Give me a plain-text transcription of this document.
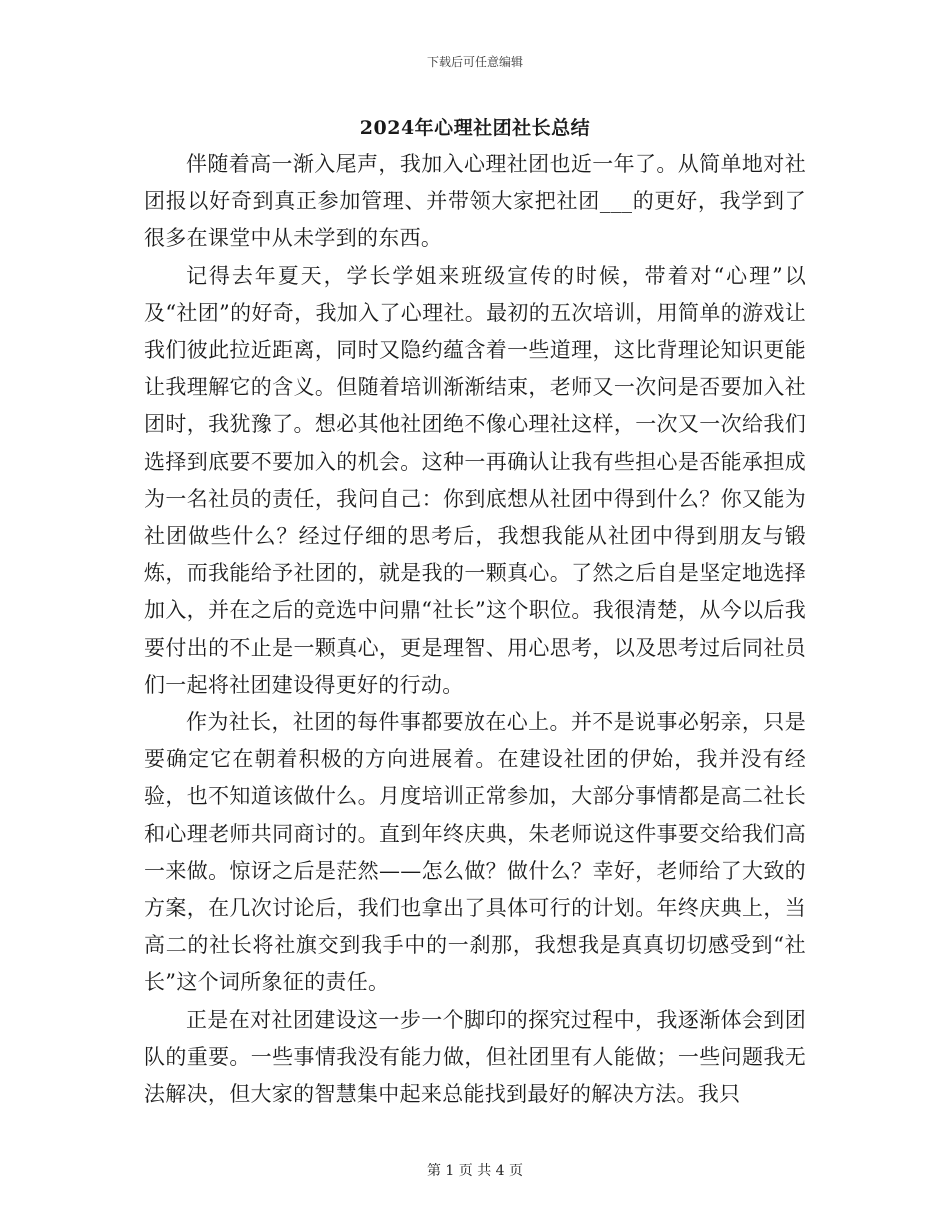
下载后可任意编辑
2024年心理社团社长总结

伴随着高一渐入尾声，我加入心理社团也近一年了。从简单地对社团报以好奇到真正参加管理、并带领大家把社团___的更好，我学到了很多在课堂中从未学到的东西。

记得去年夏天，学长学姐来班级宣传的时候，带着对“心理”以及“社团”的好奇，我加入了心理社。最初的五次培训，用简单的游戏让我们彼此拉近距离，同时又隐约蕴含着一些道理，这比背理论知识更能让我理解它的含义。但随着培训渐渐结束，老师又一次问是否要加入社团时，我犹豫了。想必其他社团绝不像心理社这样，一次又一次给我们选择到底要不要加入的机会。这种一再确认让我有些担心是否能承担成为一名社员的责任，我问自己：你到底想从社团中得到什么？你又能为社团做些什么？经过仔细的思考后，我想我能从社团中得到朋友与锻炼，而我能给予社团的，就是我的一颗真心。了然之后自是坚定地选择加入，并在之后的竞选中问鼎“社长”这个职位。我很清楚，从今以后我要付出的不止是一颗真心，更是理智、用心思考，以及思考过后同社员们一起将社团建设得更好的行动。

作为社长，社团的每件事都要放在心上。并不是说事必躬亲，只是要确定它在朝着积极的方向进展着。在建设社团的伊始，我并没有经验，也不知道该做什么。月度培训正常参加，大部分事情都是高二社长和心理老师共同商讨的。直到年终庆典，朱老师说这件事要交给我们高一来做。惊讶之后是茫然——怎么做？做什么？幸好，老师给了大致的方案，在几次讨论后，我们也拿出了具体可行的计划。年终庆典上，当高二的社长将社旗交到我手中的一刹那，我想我是真真切切感受到“社长”这个词所象征的责任。

正是在对社团建设这一步一个脚印的探究过程中，我逐渐体会到团队的重要。一些事情我没有能力做，但社团里有人能做；一些问题我无法解决，但大家的智慧集中起来总能找到最好的解决方法。我只

第 1 页 共 4 页
